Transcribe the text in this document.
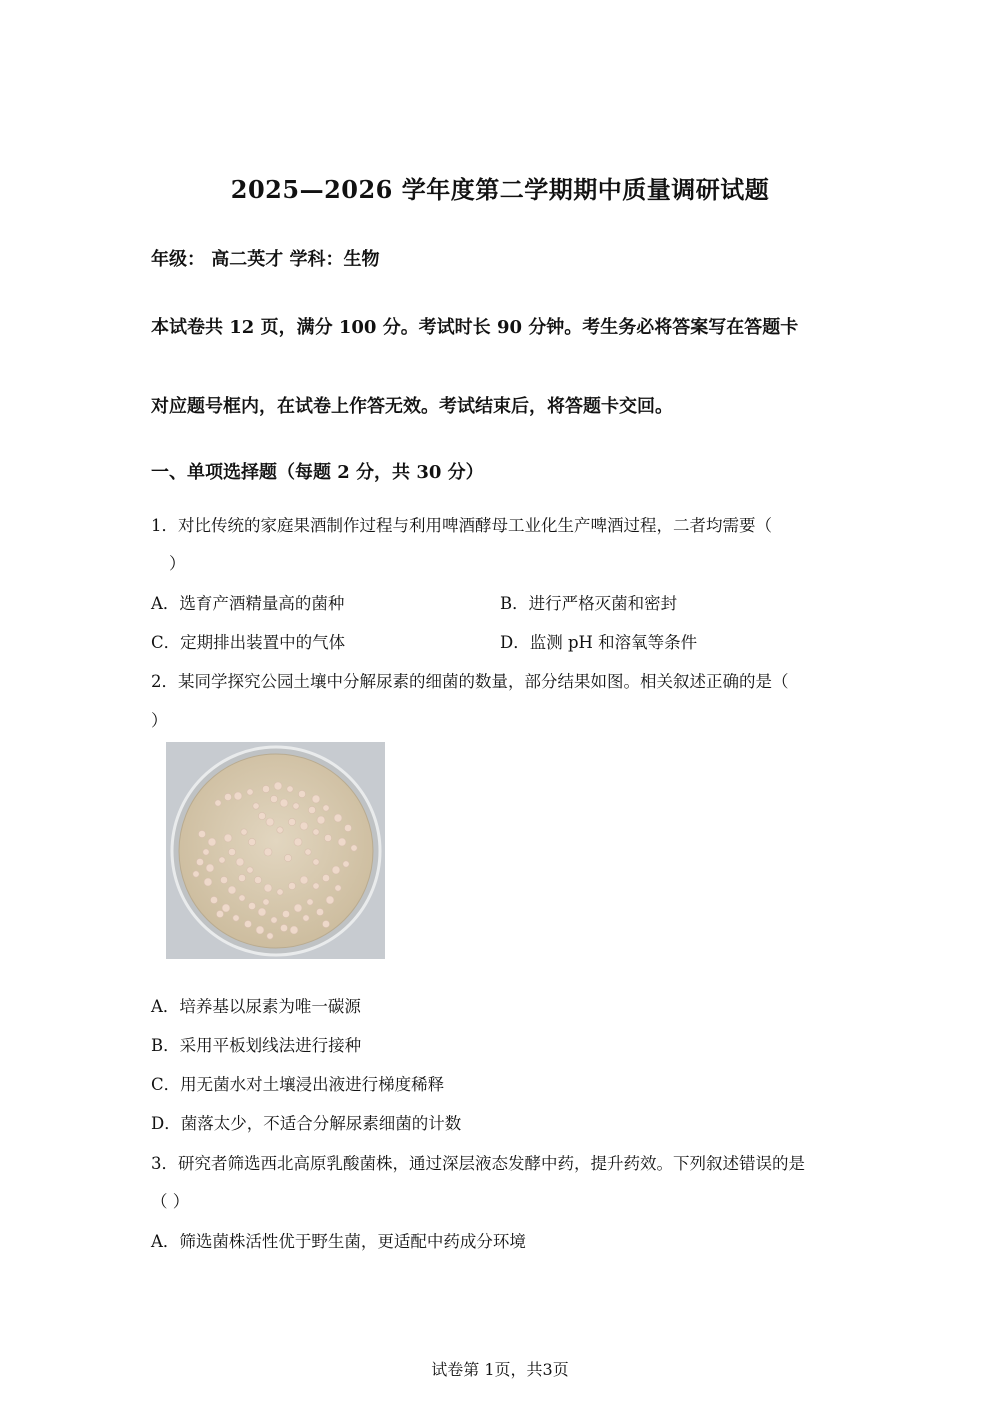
2025—2026 学年度第二学期期中质量调研试题
年级： 高二英才 学科：生物
本试卷共 12 页，满分 100 分。考试时长 90 分钟。考生务必将答案写在答题卡
对应题号框内，在试卷上作答无效。考试结束后，将答题卡交回。
一、单项选择题（每题 2 分，共 30 分）
1．对比传统的家庭果酒制作过程与利用啤酒酵母工业化生产啤酒过程，二者均需要（
）
A．选育产酒精量高的菌种	B．进行严格灭菌和密封
C．定期排出装置中的气体	D．监测 pH 和溶氧等条件
2．某同学探究公园土壤中分解尿素的细菌的数量，部分结果如图。相关叙述正确的是（
）
A．培养基以尿素为唯一碳源
B．采用平板划线法进行接种
C．用无菌水对土壤浸出液进行梯度稀释
D．菌落太少，不适合分解尿素细菌的计数
3．研究者筛选西北高原乳酸菌株，通过深层液态发酵中药，提升药效。下列叙述错误的是
（ ）
A．筛选菌株活性优于野生菌，更适配中药成分环境
试卷第 1页，共3页
